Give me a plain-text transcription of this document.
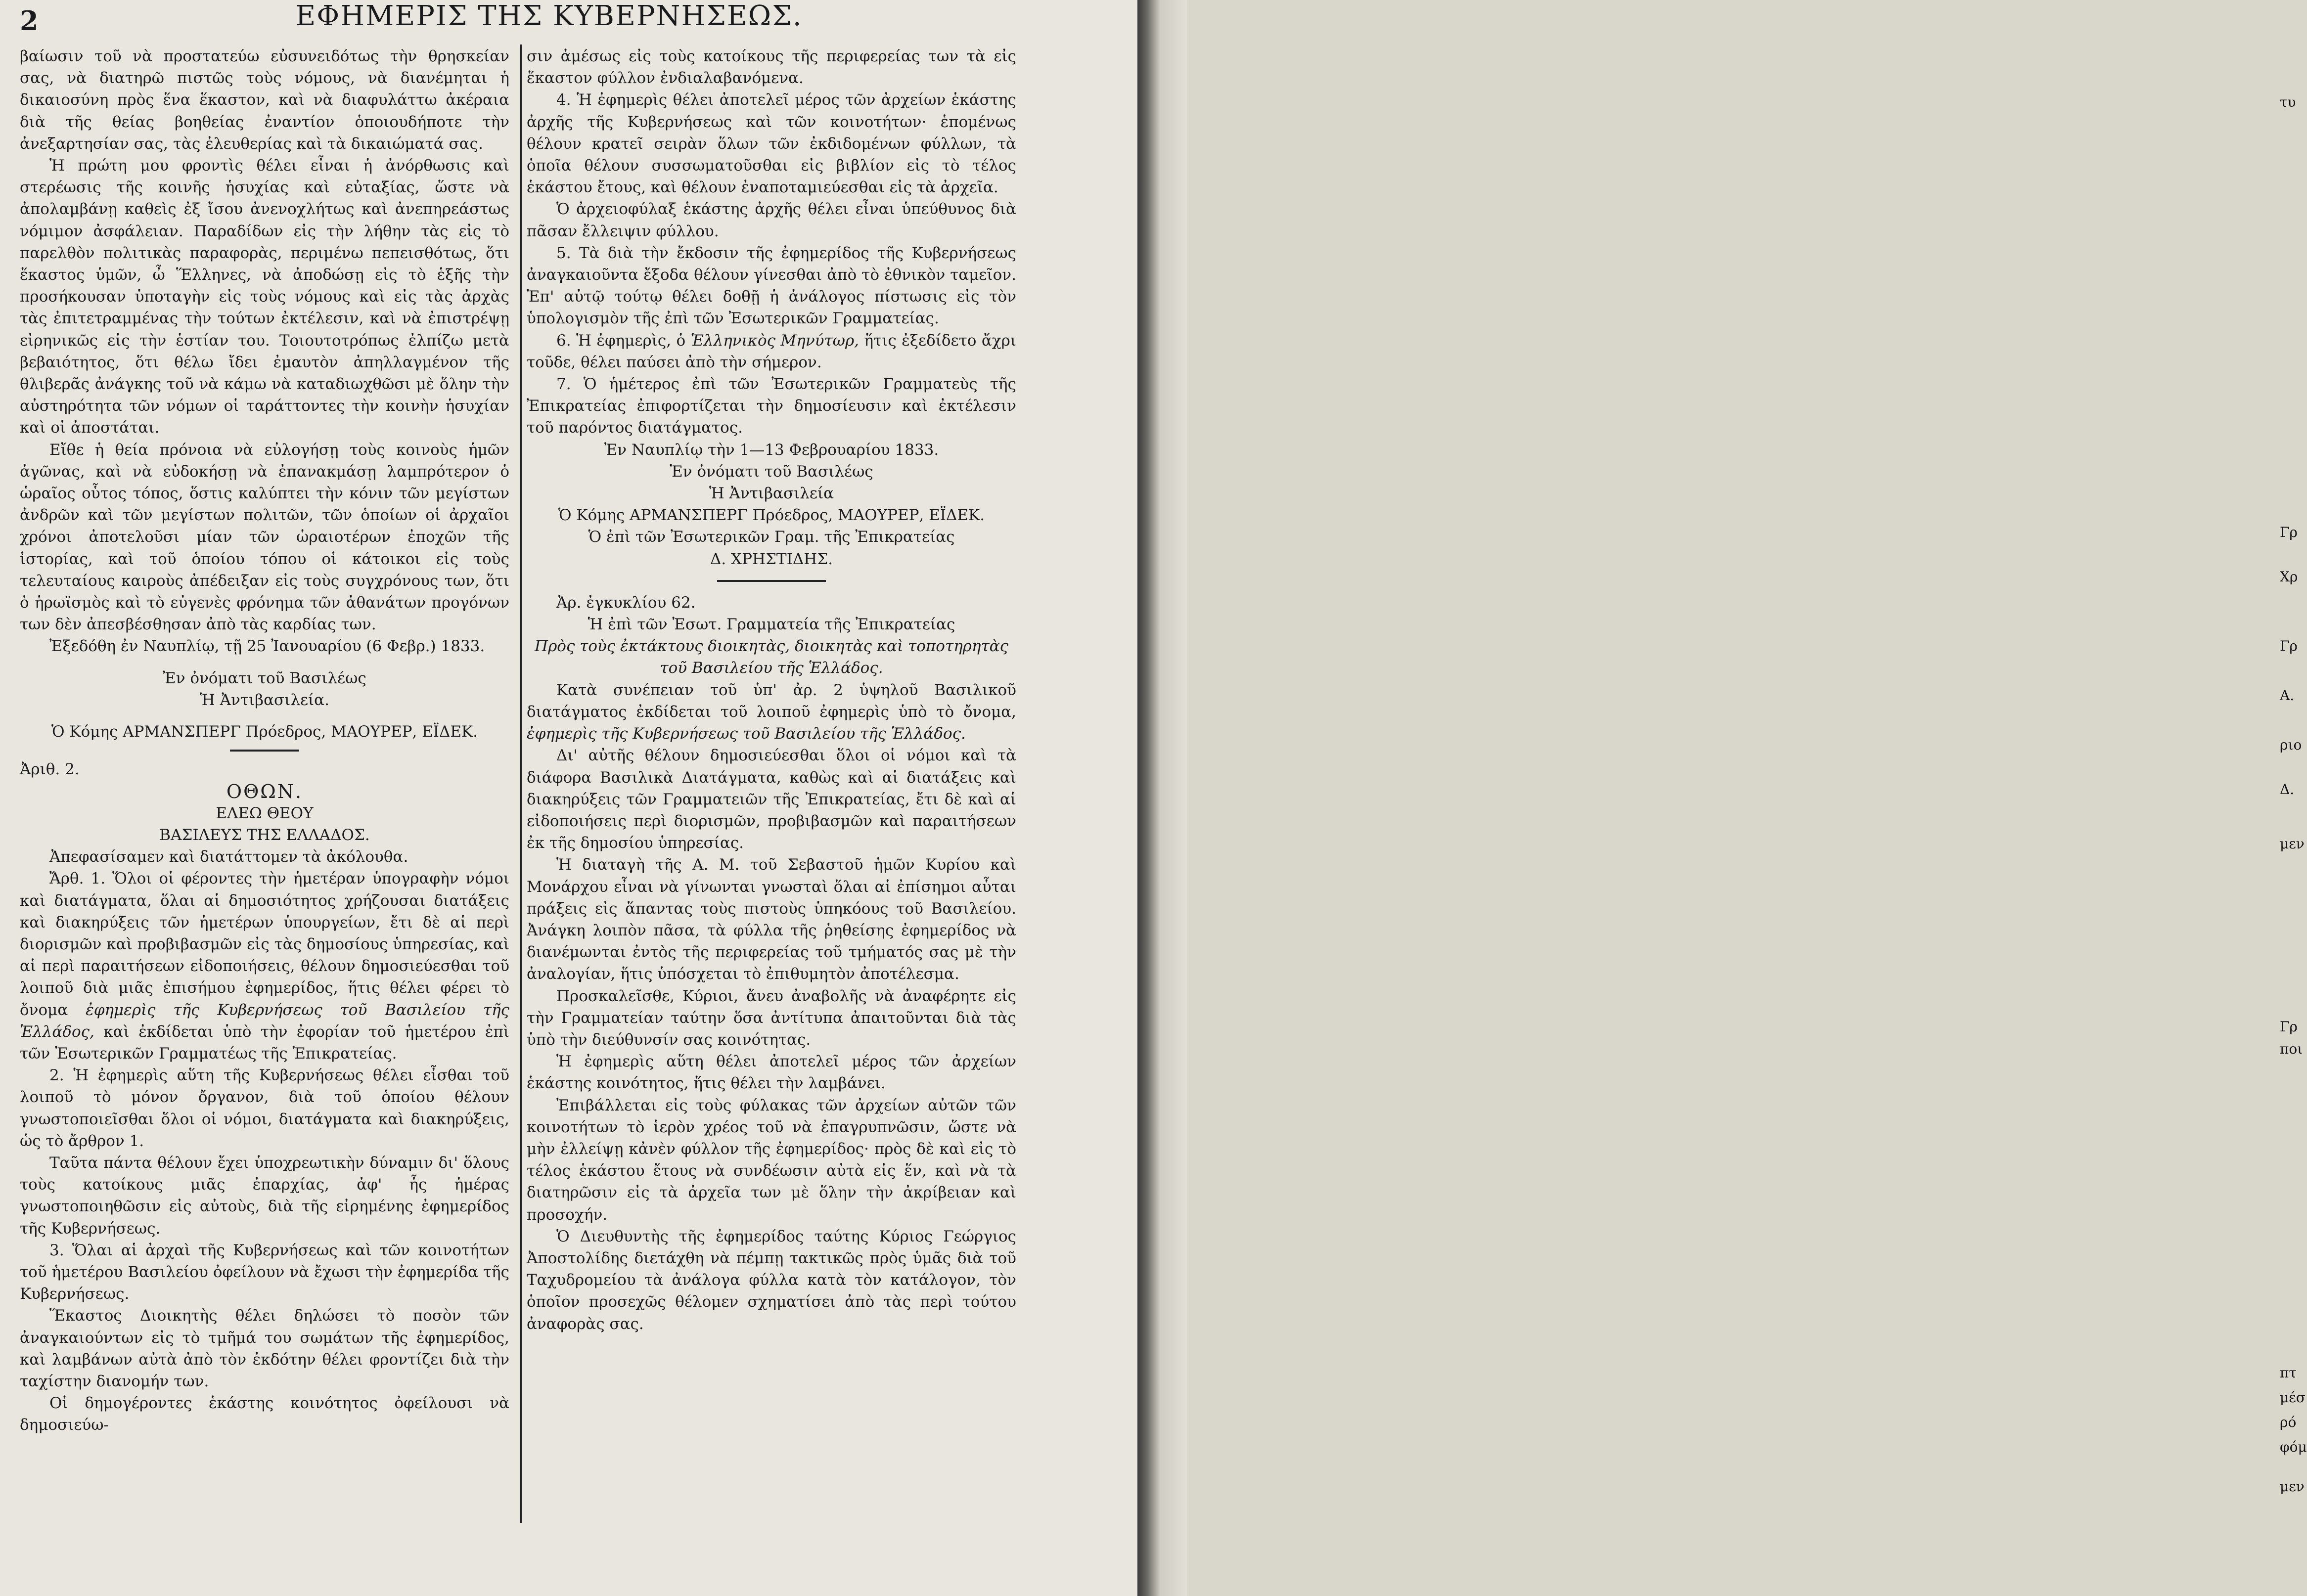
2	ΕΦΗΜΕΡΙΣ ΤΗΣ ΚΥΒΕΡΝΗΣΕΩΣ.

βαίωσιν τοῦ νὰ προστατεύω εὐσυνειδότως τὴν θρησκείαν σας, νὰ διατηρῶ πιστῶς τοὺς νόμους, νὰ διανέμηται ἡ δικαιοσύνη πρὸς ἕνα ἕκαστον, καὶ νὰ διαφυλάττω ἀκέραια διὰ τῆς θείας βοηθείας ἐναντίον ὁποιουδήποτε τὴν ἀνεξαρτησίαν σας, τὰς ἐλευθερίας καὶ τὰ δικαιώματά σας.

Ἡ πρώτη μου φροντὶς θέλει εἶναι ἡ ἀνόρθωσις καὶ στερέωσις τῆς κοινῆς ἡσυχίας καὶ εὐταξίας, ὥστε νὰ ἀπολαμβάνῃ καθεὶς ἐξ ἴσου ἀνενοχλήτως καὶ ἀνεπηρεάστως νόμιμον ἀσφάλειαν. Παραδίδων εἰς τὴν λήθην τὰς εἰς τὸ παρελθὸν πολιτικὰς παραφορὰς, περιμένω πεπεισθότως, ὅτι ἕκαστος ὑμῶν, ὦ Ἕλληνες, νὰ ἀποδώσῃ εἰς τὸ ἑξῆς τὴν προσήκουσαν ὑποταγὴν εἰς τοὺς νόμους καὶ εἰς τὰς ἀρχὰς τὰς ἐπιτετραμμένας τὴν τούτων ἐκτέλεσιν, καὶ νὰ ἐπιστρέψῃ εἰρηνικῶς εἰς τὴν ἑστίαν του. Τοιουτοτρόπως ἐλπίζω μετὰ βεβαιότητος, ὅτι θέλω ἴδει ἐμαυτὸν ἀπηλλαγμένον τῆς θλιβερᾶς ἀνάγκης τοῦ νὰ κάμω νὰ καταδιωχθῶσι μὲ ὅλην τὴν αὐστηρότητα τῶν νόμων οἱ ταράττοντες τὴν κοινὴν ἡσυχίαν καὶ οἱ ἀποστάται.

Εἴθε ἡ θεία πρόνοια νὰ εὐλογήσῃ τοὺς κοινοὺς ἡμῶν ἀγῶνας, καὶ νὰ εὐδοκήσῃ νὰ ἐπανακμάσῃ λαμπρότερον ὁ ὡραῖος οὗτος τόπος, ὅστις καλύπτει τὴν κόνιν τῶν μεγίστων ἀνδρῶν καὶ τῶν μεγίστων πολιτῶν, τῶν ὁποίων οἱ ἀρχαῖοι χρόνοι ἀποτελοῦσι μίαν τῶν ὡραιοτέρων ἐποχῶν τῆς ἱστορίας, καὶ τοῦ ὁποίου τόπου οἱ κάτοικοι εἰς τοὺς τελευταίους καιροὺς ἀπέδειξαν εἰς τοὺς συγχρόνους των, ὅτι ὁ ἡρωϊσμὸς καὶ τὸ εὐγενὲς φρόνημα τῶν ἀθανάτων προγόνων των δὲν ἀπεσβέσθησαν ἀπὸ τὰς καρδίας των.

Ἐξεδόθη ἐν Ναυπλίῳ, τῇ 25 Ἰανουαρίου (6 Φεβρ.) 1833.

Ἐν ὀνόματι τοῦ Βασιλέως

Ἡ Ἀντιβασιλεία.

Ὁ Κόμης ΑΡΜΑΝΣΠΕΡΓ Πρόεδρος, ΜΑΟΥΡΕΡ, ΕΪΔΕΚ.

Ἀριθ. 2.

ΟΘΩΝ.

ΕΛΕΩ ΘΕΟΥ

ΒΑΣΙΛΕΥΣ ΤΗΣ ΕΛΛΑΔΟΣ.

Ἀπεφασίσαμεν καὶ διατάττομεν τὰ ἀκόλουθα.

Ἄρθ. 1. Ὅλοι οἱ φέροντες τὴν ἡμετέραν ὑπογραφὴν νόμοι καὶ διατάγματα, ὅλαι αἱ δημοσιότητος χρήζουσαι διατάξεις καὶ διακηρύξεις τῶν ἡμετέρων ὑπουργείων, ἔτι δὲ αἱ περὶ διορισμῶν καὶ προβιβασμῶν εἰς τὰς δημοσίους ὑπηρεσίας, καὶ αἱ περὶ παραιτήσεων εἰδοποιήσεις, θέλουν δημοσιεύεσθαι τοῦ λοιποῦ διὰ μιᾶς ἐπισήμου ἐφημερίδος, ἥτις θέλει φέρει τὸ ὄνομα ἐφημερὶς τῆς Κυβερνήσεως τοῦ Βασιλείου τῆς Ἑλλάδος, καὶ ἐκδίδεται ὑπὸ τὴν ἐφορίαν τοῦ ἡμετέρου ἐπὶ τῶν Ἐσωτερικῶν Γραμματέως τῆς Ἐπικρατείας.

2. Ἡ ἐφημερὶς αὕτη τῆς Κυβερνήσεως θέλει εἶσθαι τοῦ λοιποῦ τὸ μόνον ὄργανον, διὰ τοῦ ὁποίου θέλουν γνωστοποιεῖσθαι ὅλοι οἱ νόμοι, διατάγματα καὶ διακηρύξεις, ὡς τὸ ἄρθρον 1.

Ταῦτα πάντα θέλουν ἔχει ὑποχρεωτικὴν δύναμιν δι' ὅλους τοὺς κατοίκους μιᾶς ἐπαρχίας, ἀφ' ἧς ἡμέρας γνωστοποιηθῶσιν εἰς αὐτοὺς, διὰ τῆς εἰρημένης ἐφημερίδος τῆς Κυβερνήσεως.

3. Ὅλαι αἱ ἀρχαὶ τῆς Κυβερνήσεως καὶ τῶν κοινοτήτων τοῦ ἡμετέρου Βασιλείου ὀφείλουν νὰ ἔχωσι τὴν ἐφημερίδα τῆς Κυβερνήσεως.

Ἕκαστος Διοικητὴς θέλει δηλώσει τὸ ποσὸν τῶν ἀναγκαιούντων εἰς τὸ τμῆμά του σωμάτων τῆς ἐφημερίδος, καὶ λαμβάνων αὐτὰ ἀπὸ τὸν ἐκδότην θέλει φροντίζει διὰ τὴν ταχίστην διανομήν των.

Οἱ δημογέροντες ἑκάστης κοινότητος ὀφείλουσι νὰ δημοσιεύω-

σιν ἀμέσως εἰς τοὺς κατοίκους τῆς περιφερείας των τὰ εἰς ἕκαστον φύλλον ἐνδιαλαβανόμενα.

4. Ἡ ἐφημερὶς θέλει ἀποτελεῖ μέρος τῶν ἀρχείων ἑκάστης ἀρχῆς τῆς Κυβερνήσεως καὶ τῶν κοινοτήτων· ἑπομένως θέλουν κρατεῖ σειρὰν ὅλων τῶν ἐκδιδομένων φύλλων, τὰ ὁποῖα θέλουν συσσωματοῦσθαι εἰς βιβλίον εἰς τὸ τέλος ἑκάστου ἔτους, καὶ θέλουν ἐναποταμιεύεσθαι εἰς τὰ ἀρχεῖα.

Ὁ ἀρχειοφύλαξ ἑκάστης ἀρχῆς θέλει εἶναι ὑπεύθυνος διὰ πᾶσαν ἔλλειψιν φύλλου.

5. Τὰ διὰ τὴν ἔκδοσιν τῆς ἐφημερίδος τῆς Κυβερνήσεως ἀναγκαιοῦντα ἔξοδα θέλουν γίνεσθαι ἀπὸ τὸ ἐθνικὸν ταμεῖον. Ἐπ' αὐτῷ τούτῳ θέλει δοθῇ ἡ ἀνάλογος πίστωσις εἰς τὸν ὑπολογισμὸν τῆς ἐπὶ τῶν Ἐσωτερικῶν Γραμματείας.

6. Ἡ ἐφημερὶς, ὁ Ἑλληνικὸς Μηνύτωρ, ἥτις ἐξεδίδετο ἄχρι τοῦδε, θέλει παύσει ἀπὸ τὴν σήμερον.

7. Ὁ ἡμέτερος ἐπὶ τῶν Ἐσωτερικῶν Γραμματεὺς τῆς Ἐπικρατείας ἐπιφορτίζεται τὴν δημοσίευσιν καὶ ἐκτέλεσιν τοῦ παρόντος διατάγματος.

Ἐν Ναυπλίῳ τὴν 1—13 Φεβρουαρίου 1833.

Ἐν ὀνόματι τοῦ Βασιλέως

Ἡ Ἀντιβασιλεία

Ὁ Κόμης ΑΡΜΑΝΣΠΕΡΓ Πρόεδρος, ΜΑΟΥΡΕΡ, ΕΪΔΕΚ.

Ὁ ἐπὶ τῶν Ἐσωτερικῶν Γραμ. τῆς Ἐπικρατείας

Δ. ΧΡΗΣΤΙΔΗΣ.

Ἀρ. ἐγκυκλίου 62.

Ἡ ἐπὶ τῶν Ἐσωτ. Γραμματεία τῆς Ἐπικρατείας

Πρὸς τοὺς ἐκτάκτους διοικητὰς, διοικητὰς καὶ τοποτηρητὰς τοῦ Βασιλείου τῆς Ἑλλάδος.

Κατὰ συνέπειαν τοῦ ὑπ' ἀρ. 2 ὑψηλοῦ Βασιλικοῦ διατάγματος ἐκδίδεται τοῦ λοιποῦ ἐφημερὶς ὑπὸ τὸ ὄνομα, ἐφημερὶς τῆς Κυβερνήσεως τοῦ Βασιλείου τῆς Ἑλλάδος.

Δι' αὐτῆς θέλουν δημοσιεύεσθαι ὅλοι οἱ νόμοι καὶ τὰ διάφορα Βασιλικὰ Διατάγματα, καθὼς καὶ αἱ διατάξεις καὶ διακηρύξεις τῶν Γραμματειῶν τῆς Ἐπικρατείας, ἔτι δὲ καὶ αἱ εἰδοποιήσεις περὶ διορισμῶν, προβιβασμῶν καὶ παραιτήσεων ἐκ τῆς δημοσίου ὑπηρεσίας.

Ἡ διαταγὴ τῆς Α. Μ. τοῦ Σεβαστοῦ ἡμῶν Κυρίου καὶ Μονάρχου εἶναι νὰ γίνωνται γνωσταὶ ὅλαι αἱ ἐπίσημοι αὗται πράξεις εἰς ἅπαντας τοὺς πιστοὺς ὑπηκόους τοῦ Βασιλείου. Ἀνάγκη λοιπὸν πᾶσα, τὰ φύλλα τῆς ῥηθείσης ἐφημερίδος νὰ διανέμωνται ἐντὸς τῆς περιφερείας τοῦ τμήματός σας μὲ τὴν ἀναλογίαν, ἥτις ὑπόσχεται τὸ ἐπιθυμητὸν ἀποτέλεσμα.

Προσκαλεῖσθε, Κύριοι, ἄνευ ἀναβολῆς νὰ ἀναφέρητε εἰς τὴν Γραμματείαν ταύτην ὅσα ἀντίτυπα ἀπαιτοῦνται διὰ τὰς ὑπὸ τὴν διεύθυνσίν σας κοινότητας.

Ἡ ἐφημερὶς αὕτη θέλει ἀποτελεῖ μέρος τῶν ἀρχείων ἑκάστης κοινότητος, ἥτις θέλει τὴν λαμβάνει.

Ἐπιβάλλεται εἰς τοὺς φύλακας τῶν ἀρχείων αὐτῶν τῶν κοινοτήτων τὸ ἱερὸν χρέος τοῦ νὰ ἐπαγρυπνῶσιν, ὥστε νὰ μὴν ἐλλείψῃ κἀνὲν φύλλον τῆς ἐφημερίδος· πρὸς δὲ καὶ εἰς τὸ τέλος ἑκάστου ἔτους νὰ συνδέωσιν αὐτὰ εἰς ἕν, καὶ νὰ τὰ διατηρῶσιν εἰς τὰ ἀρχεῖα των μὲ ὅλην τὴν ἀκρίβειαν καὶ προσοχήν.

Ὁ Διευθυντὴς τῆς ἐφημερίδος ταύτης Κύριος Γεώργιος Ἀποστολίδης διετάχθη νὰ πέμπῃ τακτικῶς πρὸς ὑμᾶς διὰ τοῦ Ταχυδρομείου τὰ ἀνάλογα φύλλα κατὰ τὸν κατάλογον, τὸν ὁποῖον προσεχῶς θέλομεν σχηματίσει ἀπὸ τὰς περὶ τούτου ἀναφορὰς σας.

τυ
Γρ
Χρ
Γρ
Α.
ριο
Δ.
μεν
Γρ
ποι
πτ
μέσ
ρό
φόμ
μεν
